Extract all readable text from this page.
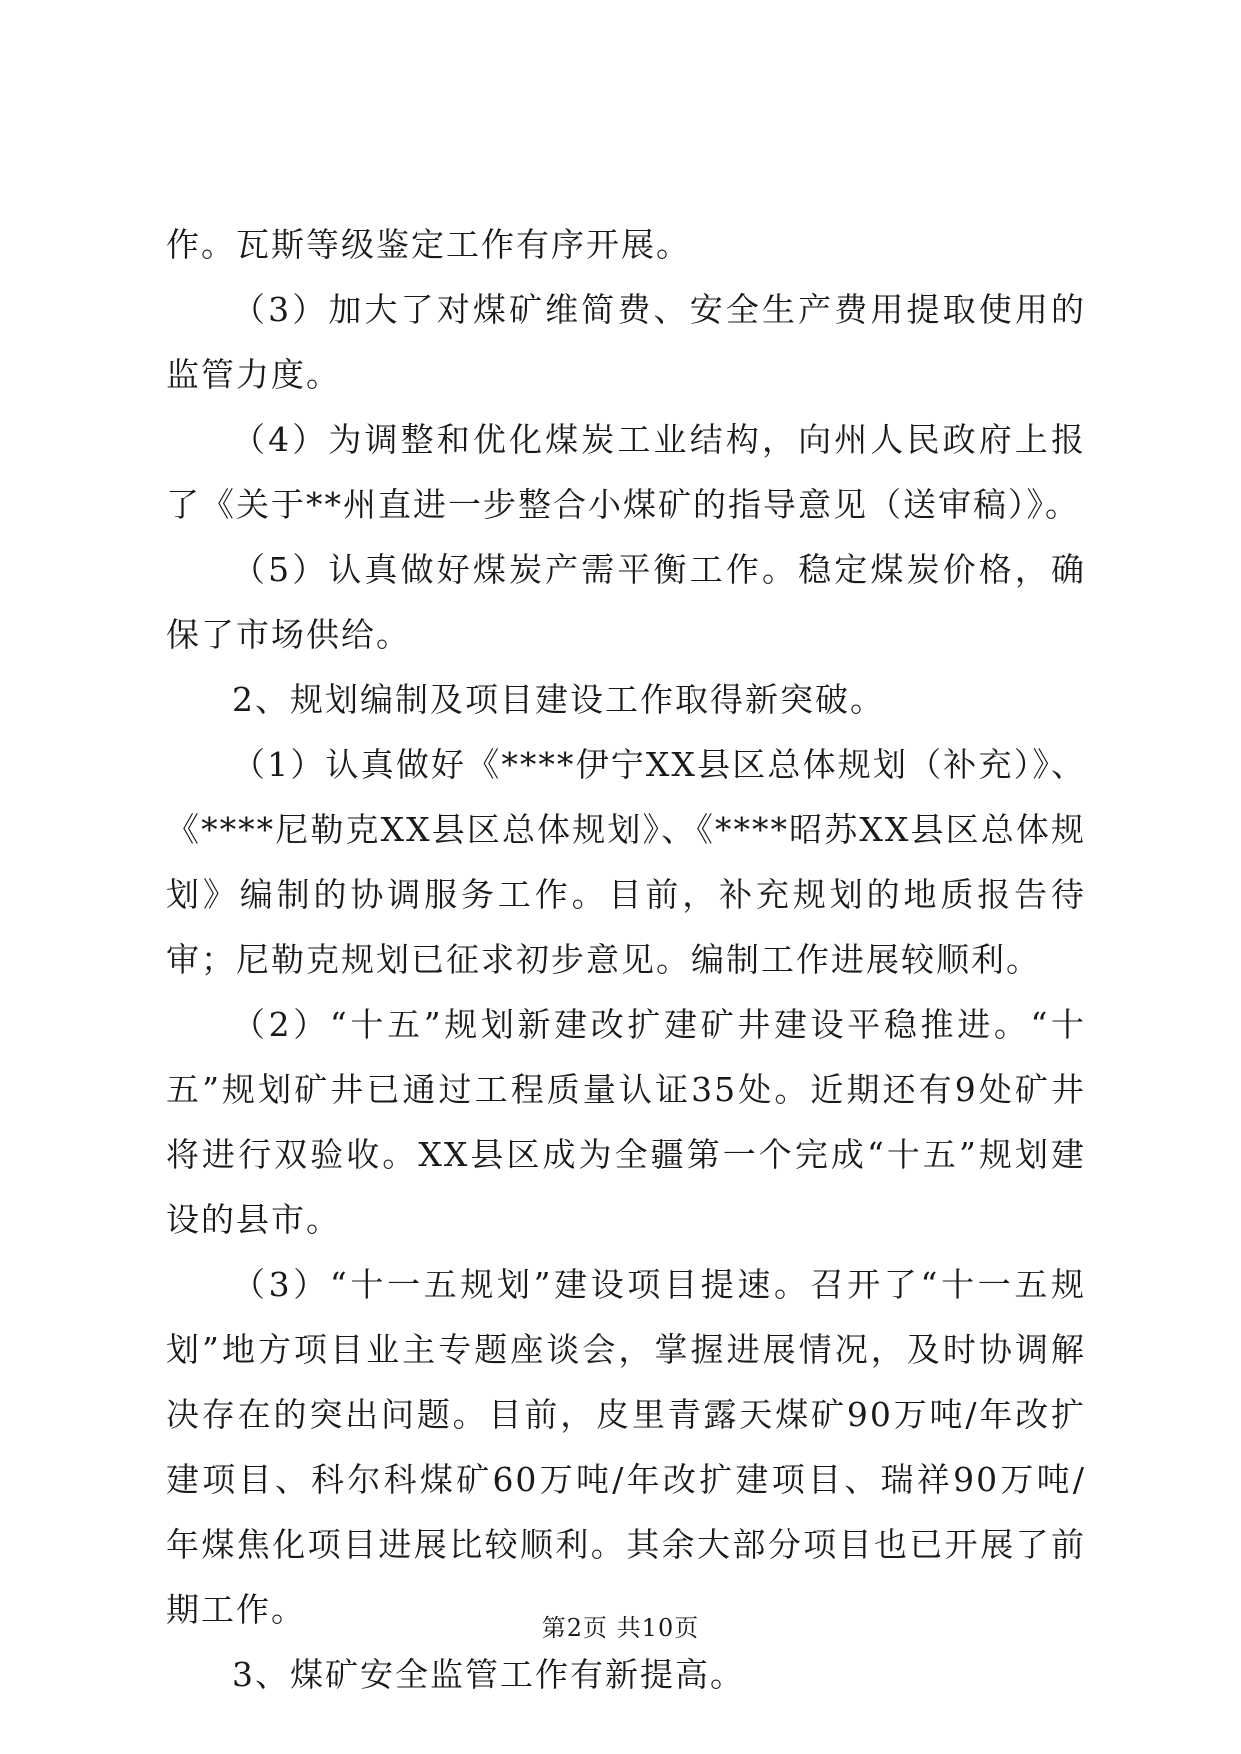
作。瓦斯等级鉴定工作有序开展。

（3）加大了对煤矿维简费、安全生产费用提取使用的监管力度。

（4）为调整和优化煤炭工业结构，向州人民政府上报了《关于**州直进一步整合小煤矿的指导意见（送审稿）》。

（5）认真做好煤炭产需平衡工作。稳定煤炭价格，确保了市场供给。

2、规划编制及项目建设工作取得新突破。

（1）认真做好《****伊宁XX县区总体规划（补充）》、《****尼勒克XX县区总体规划》、《****昭苏XX县区总体规划》编制的协调服务工作。目前，补充规划的地质报告待审；尼勒克规划已征求初步意见。编制工作进展较顺利。

（2）“十五”规划新建改扩建矿井建设平稳推进。“十五”规划矿井已通过工程质量认证35处。近期还有9处矿井将进行双验收。XX县区成为全疆第一个完成“十五”规划建设的县市。

（3）“十一五规划”建设项目提速。召开了“十一五规划”地方项目业主专题座谈会，掌握进展情况，及时协调解决存在的突出问题。目前，皮里青露天煤矿90万吨/年改扩建项目、科尔科煤矿60万吨/年改扩建项目、瑞祥90万吨/年煤焦化项目进展比较顺利。其余大部分项目也已开展了前期工作。

3、煤矿安全监管工作有新提高。

第2页 共10页
